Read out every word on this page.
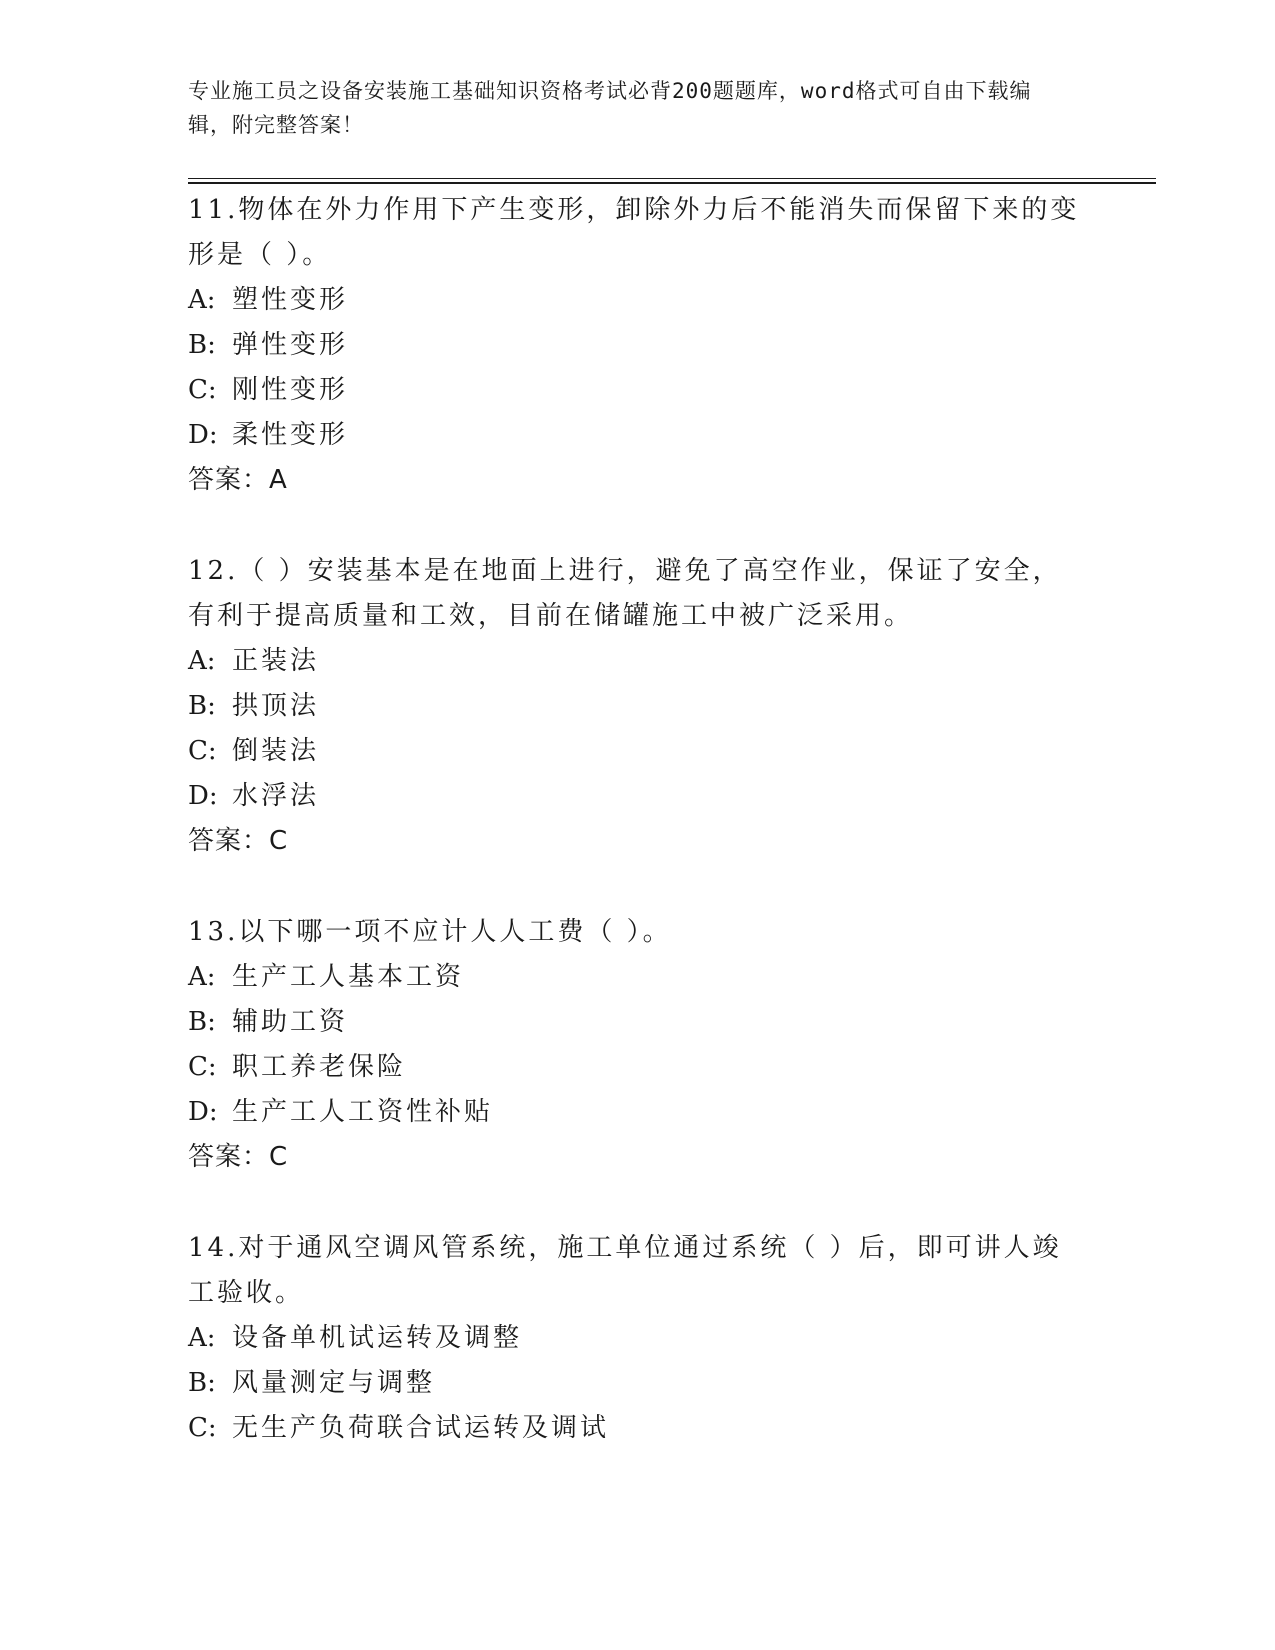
专业施工员之设备安装施工基础知识资格考试必背200题题库，word格式可自由下载编辑，附完整答案！

11.物体在外力作用下产生变形，卸除外力后不能消失而保留下来的变形是（ ）。

A: 塑性变形

B: 弹性变形

C: 刚性变形

D: 柔性变形

答案：A

12.（ ）安装基本是在地面上进行，避免了高空作业，保证了安全，有利于提高质量和工效，目前在储罐施工中被广泛采用。

A: 正装法

B: 拱顶法

C: 倒装法

D: 水浮法

答案：C

13.以下哪一项不应计人人工费（ ）。

A: 生产工人基本工资

B: 辅助工资

C: 职工养老保险

D: 生产工人工资性补贴

答案：C

14.对于通风空调风管系统，施工单位通过系统（ ）后，即可讲人竣工验收。

A: 设备单机试运转及调整

B: 风量测定与调整

C: 无生产负荷联合试运转及调试
